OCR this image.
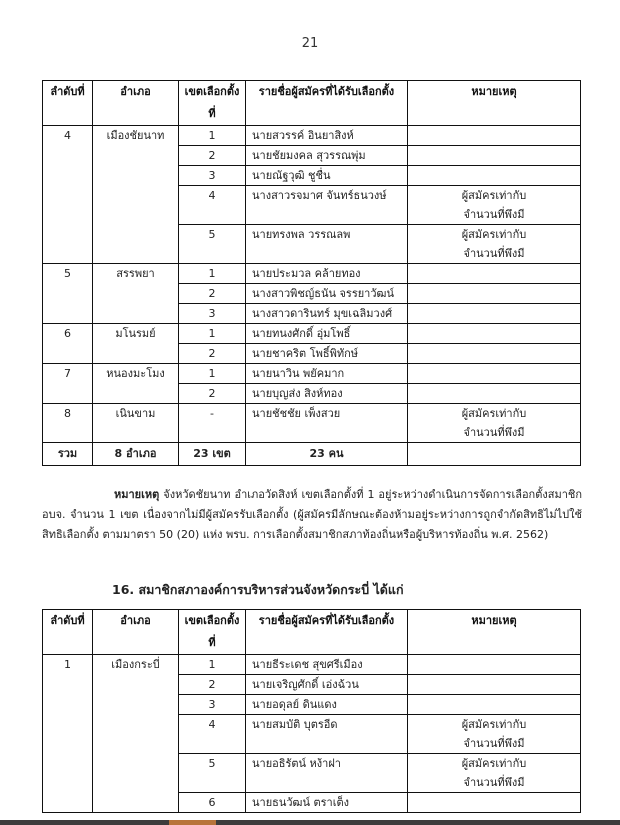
21
ลำดับที่	อำเภอ	เขตเลือกตั้งที่	รายชื่อผู้สมัครที่ได้รับเลือกตั้ง	หมายเหตุ
4	เมืองชัยนาท	1	นายสวรรค์ อินยาสิงห์	
		2	นายชัยมงคล สุวรรณพุ่ม	
		3	นายณัฐวุฒิ ชูชื่น	
		4	นางสาวรจมาศ จันทร์ธนวงษ์	ผู้สมัครเท่ากับ
				จำนวนที่พึงมี
		5	นายทรงพล วรรณลพ	ผู้สมัครเท่ากับ
				จำนวนที่พึงมี
5	สรรพยา	1	นายประมวล คล้ายทอง	
		2	นางสาวพิชญ์ธนัน จรรยาวัฒน์	
		3	นางสาวดารินทร์ มุขเฉลิมวงศ์	
6	มโนรมย์	1	นายทนงศักดิ์ อุ่มโพธิ์	
		2	นายชาคริต โพธิ์พิทักษ์	
7	หนองมะโมง	1	นายนาวิน พยัคมาก	
		2	นายบุญส่ง สิงห์ทอง	
8	เนินขาม	-	นายชัชชัย เพ็งสวย	ผู้สมัครเท่ากับ
				จำนวนที่พึงมี
รวม	8 อำเภอ	23 เขต	23 คน	
หมายเหตุ จังหวัดชัยนาท อำเภอวัดสิงห์ เขตเลือกตั้งที่ 1 อยู่ระหว่างดำเนินการจัดการเลือกตั้งสมาชิก อบจ. จำนวน 1 เขต เนื่องจากไม่มีผู้สมัครรับเลือกตั้ง (ผู้สมัครมีลักษณะต้องห้ามอยู่ระหว่างการถูกจำกัดสิทธิไม่ไปใช้สิทธิเลือกตั้ง ตามมาตรา 50 (20) แห่ง พรบ. การเลือกตั้งสมาชิกสภาท้องถิ่นหรือผู้บริหารท้องถิ่น พ.ศ. 2562)
16. สมาชิกสภาองค์การบริหารส่วนจังหวัดกระบี่ ได้แก่
ลำดับที่	อำเภอ	เขตเลือกตั้งที่	รายชื่อผู้สมัครที่ได้รับเลือกตั้ง	หมายเหตุ
1	เมืองกระบี่	1	นายธีระเดช สุขศรีเมือง	
		2	นายเจริญศักดิ์ เอ่งฉ้วน	
		3	นายอดุลย์ ดินแดง	
		4	นายสมบัติ บุตรอีด	ผู้สมัครเท่ากับ
				จำนวนที่พึงมี
		5	นายอธิรัตน์ หง้าฝา	ผู้สมัครเท่ากับ
				จำนวนที่พึงมี
		6	นายธนวัฒน์ ตราเต็ง	
